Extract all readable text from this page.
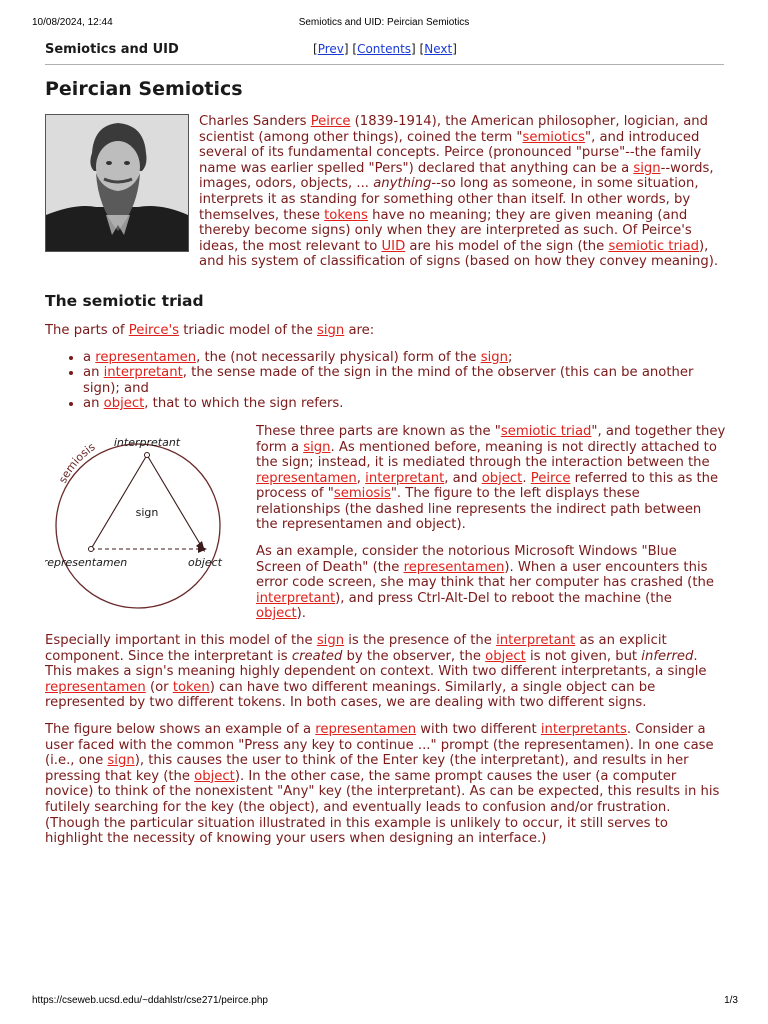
10/08/2024, 12:44	Semiotics and UID: Peircian Semiotics
Semiotics and UID	[Prev] [Contents] [Next]
Peircian Semiotics

Charles Sanders Peirce (1839-1914), the American philosopher, logician, and scientist (among other things), coined the term "semiotics", and introduced several of its fundamental concepts. Peirce (pronounced "purse"--the family name was earlier spelled "Pers") declared that anything can be a sign--words, images, odors, objects, ... anything--so long as someone, in some situation, interprets it as standing for something other than itself. In other words, by themselves, these tokens have no meaning; they are given meaning (and thereby become signs) only when they are interpreted as such. Of Peirce's ideas, the most relevant to UID are his model of the sign (the semiotic triad), and his system of classification of signs (based on how they convey meaning).

The semiotic triad

The parts of Peirce's triadic model of the sign are:

• a representamen, the (not necessarily physical) form of the sign;
• an interpretant, the sense made of the sign in the mind of the observer (this can be another sign); and
• an object, that to which the sign refers.
semiosis interpretant
sign
representamen	object

These three parts are known as the "semiotic triad", and together they form a sign. As mentioned before, meaning is not directly attached to the sign; instead, it is mediated through the interaction between the representamen, interpretant, and object. Peirce referred to this as the process of "semiosis". The figure to the left displays these relationships (the dashed line represents the indirect path between the representamen and object).

As an example, consider the notorious Microsoft Windows "Blue Screen of Death" (the representamen). When a user encounters this error code screen, she may think that her computer has crashed (the interpretant), and press Ctrl-Alt-Del to reboot the machine (the object).

Especially important in this model of the sign is the presence of the interpretant as an explicit component. Since the interpretant is created by the observer, the object is not given, but inferred. This makes a sign's meaning highly dependent on context. With two different interpretants, a single representamen (or token) can have two different meanings. Similarly, a single object can be represented by two different tokens. In both cases, we are dealing with two different signs.

The figure below shows an example of a representamen with two different interpretants. Consider a user faced with the common "Press any key to continue ..." prompt (the representamen). In one case (i.e., one sign), this causes the user to think of the Enter key (the interpretant), and results in her pressing that key (the object). In the other case, the same prompt causes the user (a computer novice) to think of the nonexistent "Any" key (the interpretant). As can be expected, this results in his futilely searching for the key (the object), and eventually leads to confusion and/or frustration. (Though the particular situation illustrated in this example is unlikely to occur, it still serves to highlight the necessity of knowing your users when designing an interface.)

https://cseweb.ucsd.edu/~ddahlstr/cse271/peirce.php	1/3
